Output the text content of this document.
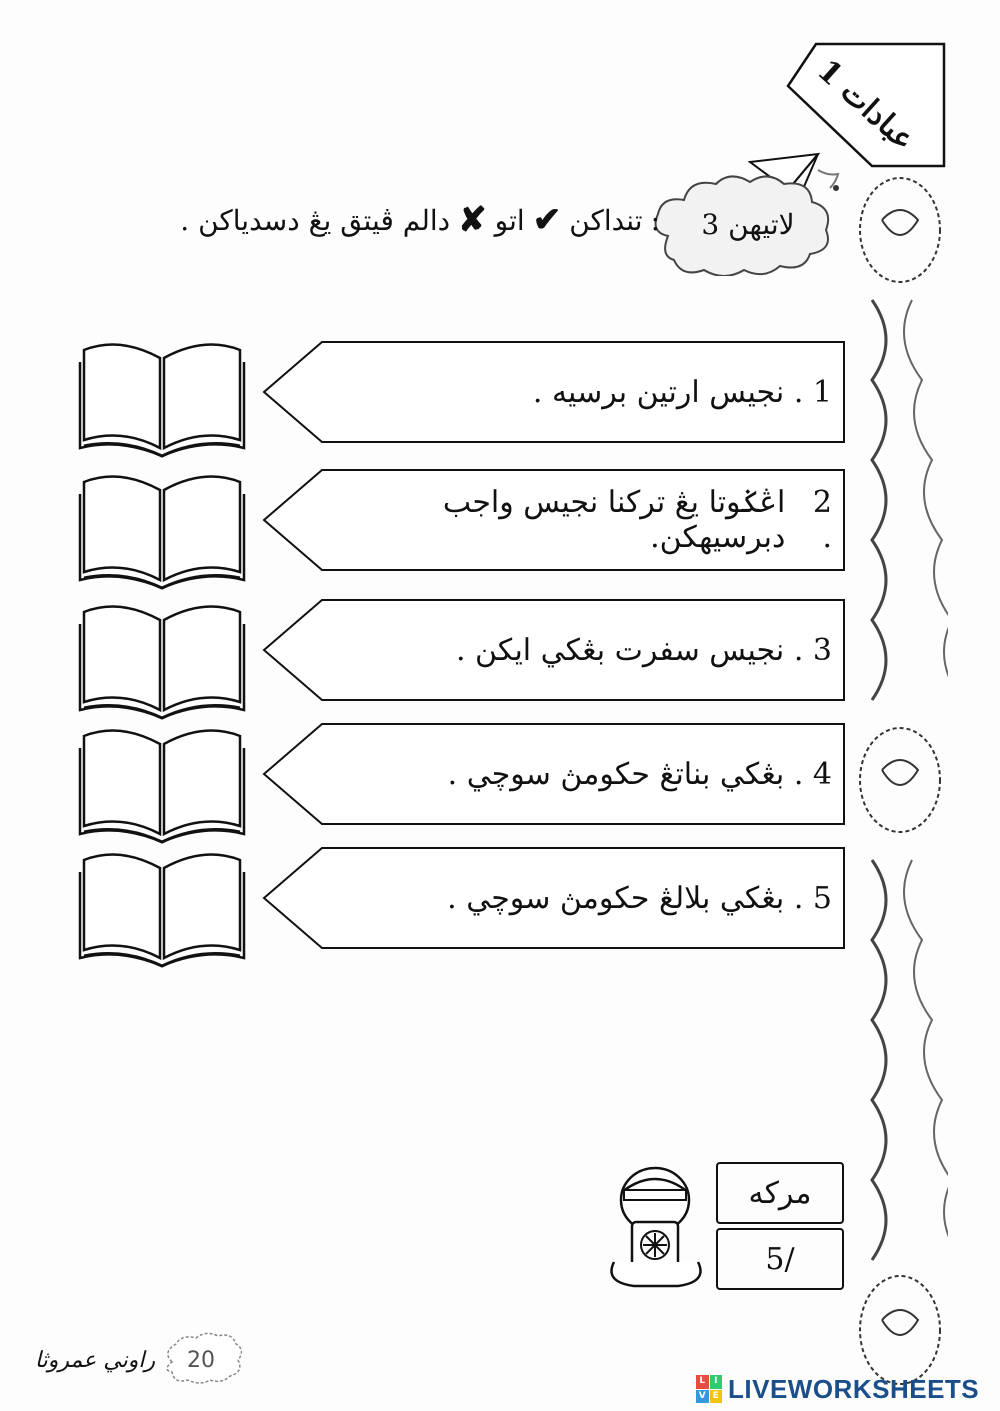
عبادات 1
لاتيهن 3
:
تنداكن
✔
اتو
✘
دالم ڤيتق يڠ دسدياكن .
1 .

نجيس ارتين برسيه .
2 .

اڠݢوتا يڠ ترکنا نجيس واجب دبرسيهکن.
3 .

نجيس سفرت بڠکي ايكن .
4 .

بڠکي بناتڠ حکومڽ سوچي .
5 .

بڠکي بلالڠ حکومڽ سوچي .
مركه
/5
20
راوني عمروثا
L I
V E LIVEWORKSHEETS
